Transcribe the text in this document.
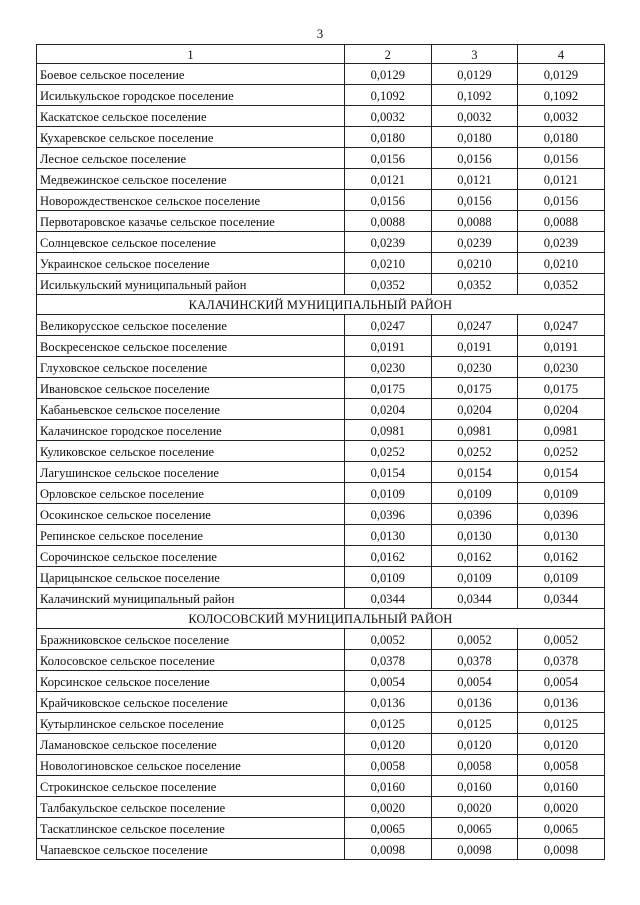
3
1	2	3	4
Боевое сельское поселение	0,0129	0,0129	0,0129
Исилькульское городское поселение	0,1092	0,1092	0,1092
Каскатское сельское поселение	0,0032	0,0032	0,0032
Кухаревское сельское поселение	0,0180	0,0180	0,0180
Лесное сельское поселение	0,0156	0,0156	0,0156
Медвежинское сельское поселение	0,0121	0,0121	0,0121
Новорождественское сельское поселение	0,0156	0,0156	0,0156
Первотаровское казачье сельское поселение	0,0088	0,0088	0,0088
Солнцевское сельское поселение	0,0239	0,0239	0,0239
Украинское сельское поселение	0,0210	0,0210	0,0210
Исилькульский муниципальный район	0,0352	0,0352	0,0352
КАЛАЧИНСКИЙ МУНИЦИПАЛЬНЫЙ РАЙОН			
Великорусское сельское поселение	0,0247	0,0247	0,0247
Воскресенское сельское поселение	0,0191	0,0191	0,0191
Глуховское сельское поселение	0,0230	0,0230	0,0230
Ивановское сельское поселение	0,0175	0,0175	0,0175
Кабаньевское сельское поселение	0,0204	0,0204	0,0204
Калачинское городское поселение	0,0981	0,0981	0,0981
Куликовское сельское поселение	0,0252	0,0252	0,0252
Лагушинское сельское поселение	0,0154	0,0154	0,0154
Орловское сельское поселение	0,0109	0,0109	0,0109
Осокинское сельское поселение	0,0396	0,0396	0,0396
Репинское сельское поселение	0,0130	0,0130	0,0130
Сорочинское сельское поселение	0,0162	0,0162	0,0162
Царицынское сельское поселение	0,0109	0,0109	0,0109
Калачинский муниципальный район	0,0344	0,0344	0,0344
КОЛОСОВСКИЙ МУНИЦИПАЛЬНЫЙ РАЙОН			
Бражниковское сельское поселение	0,0052	0,0052	0,0052
Колосовское сельское поселение	0,0378	0,0378	0,0378
Корсинское сельское поселение	0,0054	0,0054	0,0054
Крайчиковское сельское поселение	0,0136	0,0136	0,0136
Кутырлинское сельское поселение	0,0125	0,0125	0,0125
Ламановское сельское поселение	0,0120	0,0120	0,0120
Новологиновское сельское поселение	0,0058	0,0058	0,0058
Строкинское сельское поселение	0,0160	0,0160	0,0160
Талбакульское сельское поселение	0,0020	0,0020	0,0020
Таскатлинское сельское поселение	0,0065	0,0065	0,0065
Чапаевское сельское поселение	0,0098	0,0098	0,0098
